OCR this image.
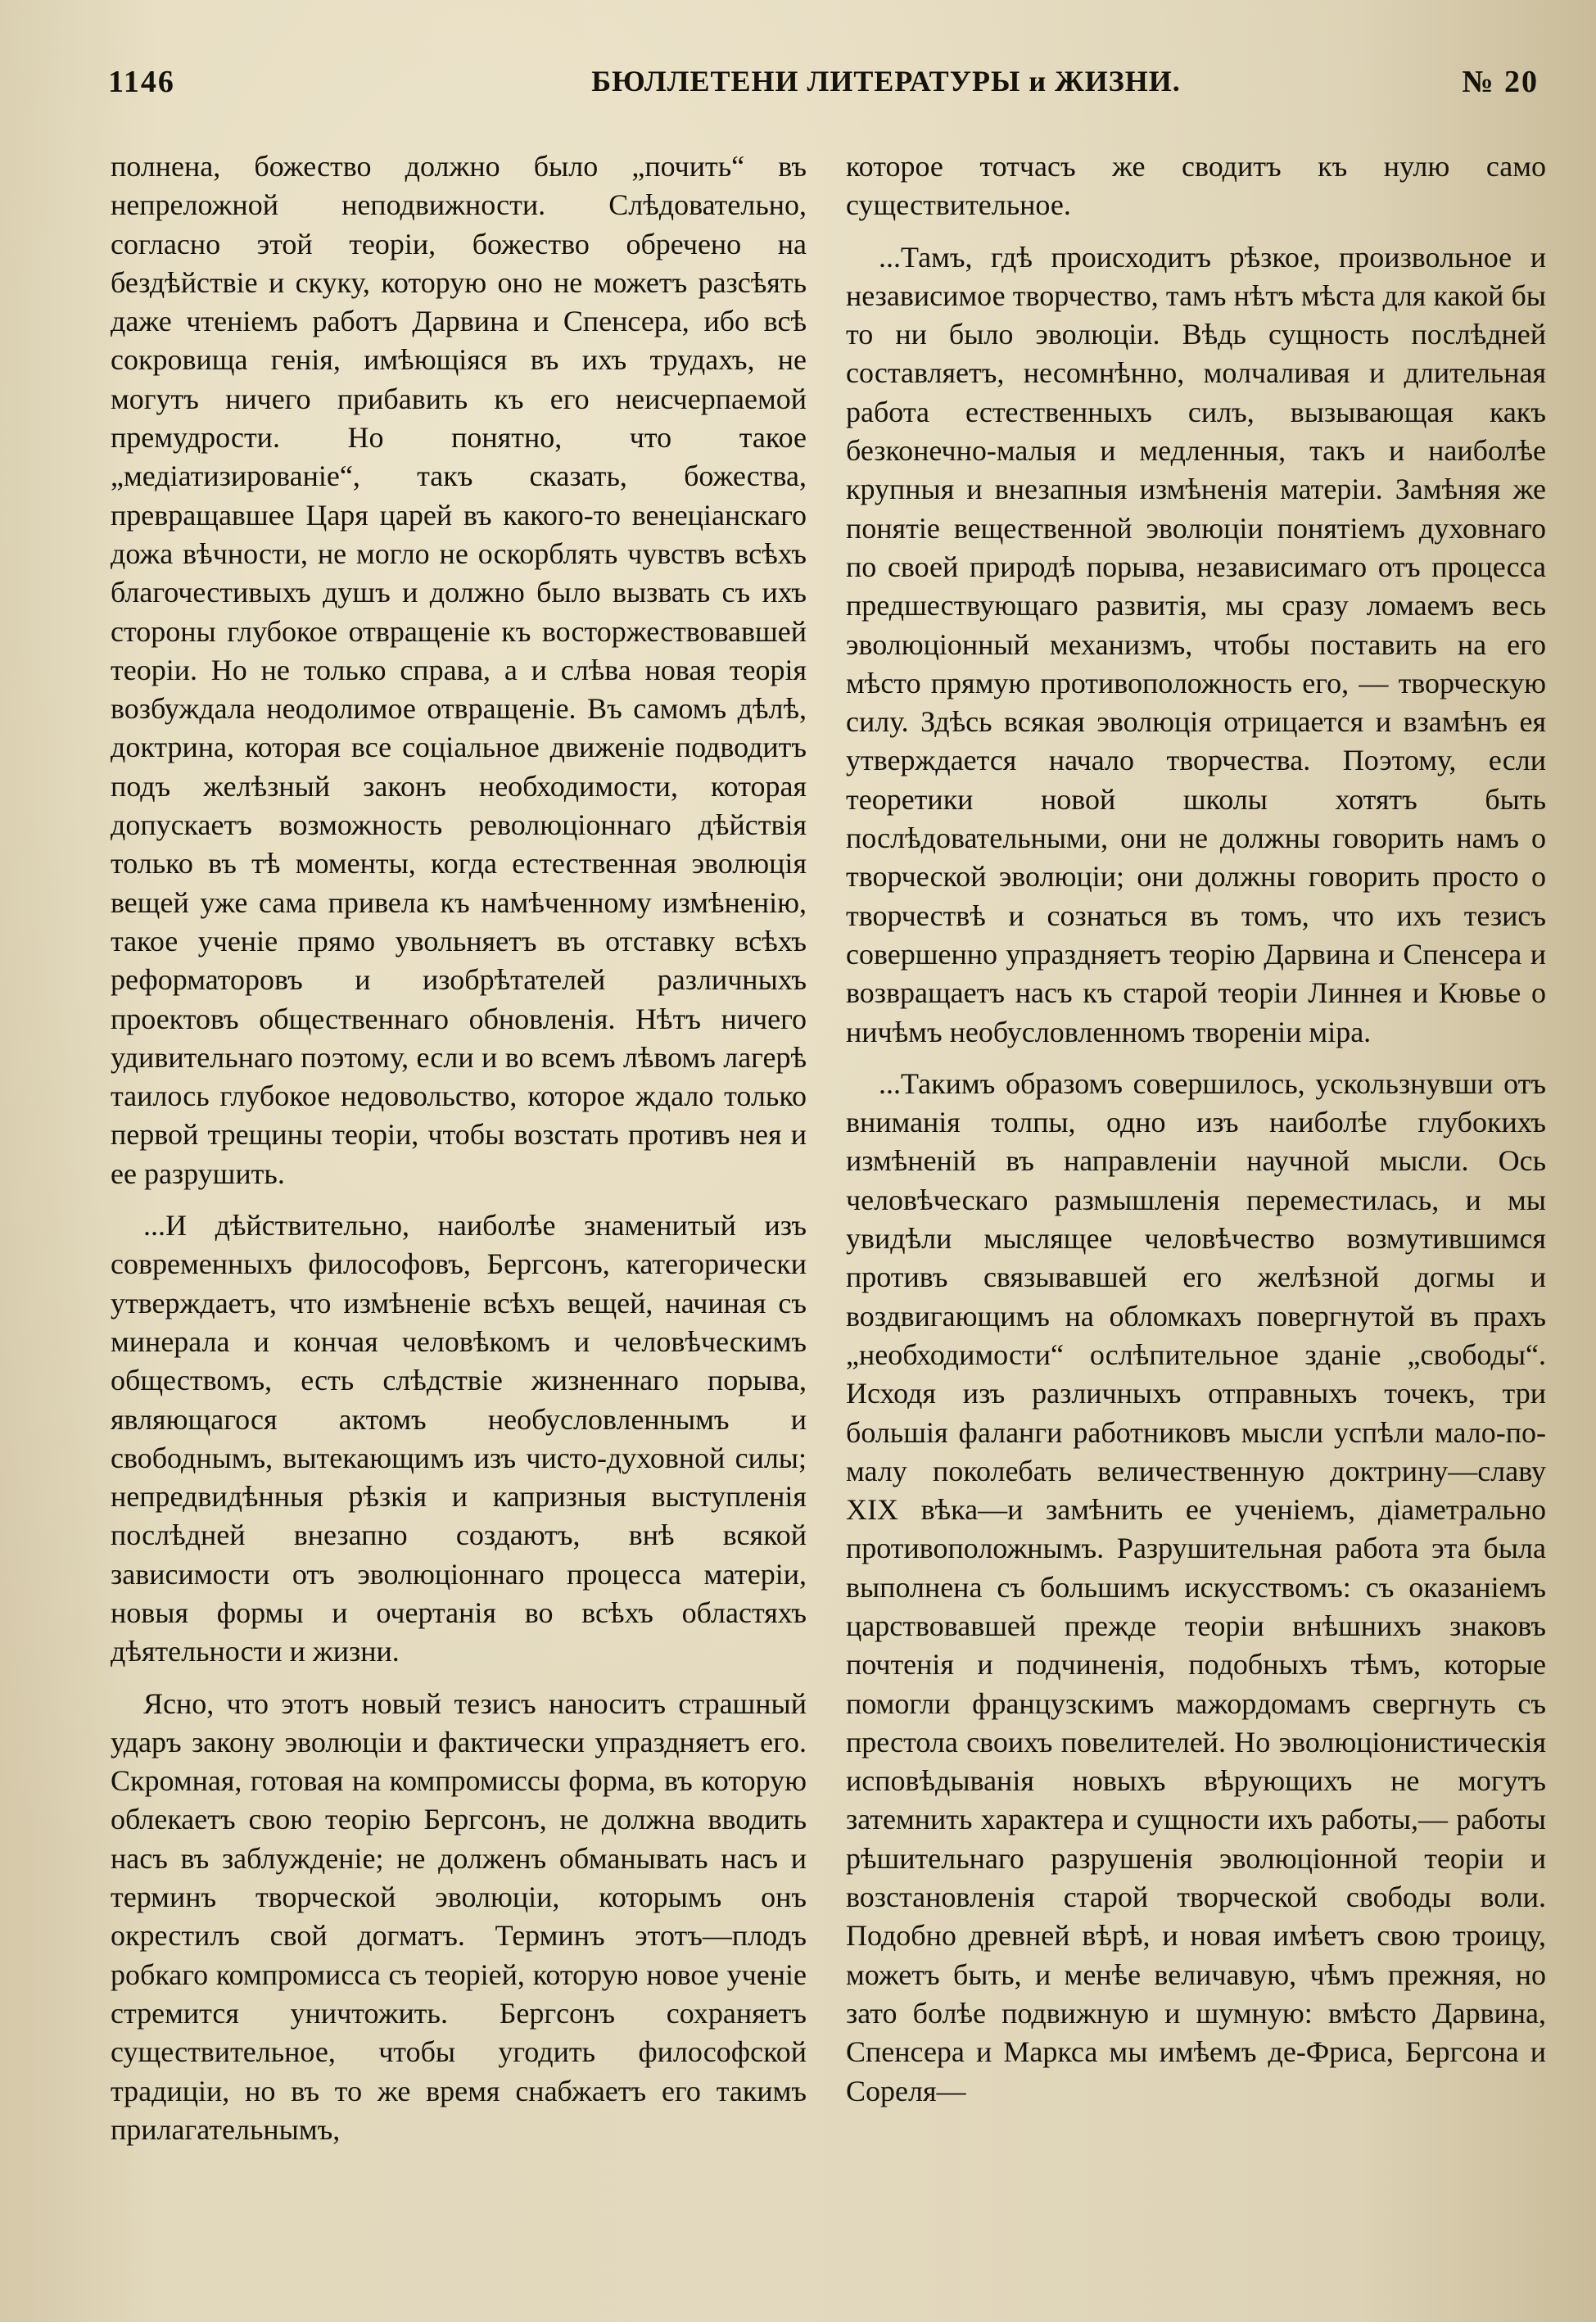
1146	БЮЛЛЕТЕНИ ЛИТЕРАТУРЫ и ЖИЗНИ.	№ 20

полнена, божество должно было „почить“ въ непреложной неподвижности. Слѣдовательно, согласно этой теоріи, божество обречено на бездѣйствіе и скуку, которую оно не можетъ разсѣять даже чтеніемъ работъ Дарвина и Спенсера, ибо всѣ сокровища генія, имѣющіяся въ ихъ трудахъ, не могутъ ничего прибавить къ его неисчерпаемой премудрости. Но понятно, что такое „медіатизированіе“, такъ сказать, божества, превращавшее Царя царей въ какого-то венеціанскаго дожа вѣчности, не могло не оскорблять чувствъ всѣхъ благочестивыхъ душъ и должно было вызвать съ ихъ стороны глубокое отвращеніе къ восторжествовавшей теоріи. Но не только справа, а и слѣва новая теорія возбуждала неодолимое отвращеніе. Въ самомъ дѣлѣ, доктрина, которая все соціальное движеніе подводитъ подъ желѣзный законъ необходимости, которая допускаетъ возможность революціоннаго дѣйствія только въ тѣ моменты, когда естественная эволюція вещей уже сама привела къ намѣченному измѣненію, такое ученіе прямо увольняетъ въ отставку всѣхъ реформаторовъ и изобрѣтателей различныхъ проектовъ общественнаго обновленія. Нѣтъ ничего удивительнаго поэтому, если и во всемъ лѣвомъ лагерѣ таилось глубокое недовольство, которое ждало только первой трещины теоріи, чтобы возстать противъ нея и ее разрушить.

...И дѣйствительно, наиболѣе знаменитый изъ современныхъ философовъ, Бергсонъ, категорически утверждаетъ, что измѣненіе всѣхъ вещей, начиная съ минерала и кончая человѣкомъ и человѣческимъ обществомъ, есть слѣдствіе жизненнаго порыва, являющагося актомъ необусловленнымъ и свободнымъ, вытекающимъ изъ чисто-духовной силы; непредвидѣнныя рѣзкія и капризныя выступленія послѣдней внезапно создаютъ, внѣ всякой зависимости отъ эволюціоннаго процесса матеріи, новыя формы и очертанія во всѣхъ областяхъ дѣятельности и жизни.

Ясно, что этотъ новый тезисъ наноситъ страшный ударъ закону эволюціи и фактически упраздняетъ его. Скромная, готовая на компромиссы форма, въ которую облекаетъ свою теорію Бергсонъ, не должна вводить насъ въ заблужденіе; не долженъ обманывать насъ и терминъ творческой эволюціи, которымъ онъ окрестилъ свой догматъ. Терминъ этотъ—плодъ робкаго компромисса съ теоріей, которую новое ученіе стремится уничтожить. Бергсонъ сохраняетъ существительное, чтобы угодить философской традиціи, но въ то же время снабжаетъ его такимъ прилагательнымъ,

которое тотчасъ же сводитъ къ нулю само существительное.

...Тамъ, гдѣ происходитъ рѣзкое, произвольное и независимое творчество, тамъ нѣтъ мѣста для какой бы то ни было эволюціи. Вѣдь сущность послѣдней составляетъ, несомнѣнно, молчаливая и длительная работа естественныхъ силъ, вызывающая какъ безконечно-малыя и медленныя, такъ и наиболѣе крупныя и внезапныя измѣненія матеріи. Замѣняя же понятіе вещественной эволюціи понятіемъ духовнаго по своей природѣ порыва, независимаго отъ процесса предшествующаго развитія, мы сразу ломаемъ весь эволюціонный механизмъ, чтобы поставить на его мѣсто прямую противоположность его, — творческую силу. Здѣсь всякая эволюція отрицается и взамѣнъ ея утверждается начало творчества. Поэтому, если теоретики новой школы хотятъ быть послѣдовательными, они не должны говорить намъ о творческой эволюціи; они должны говорить просто о творчествѣ и сознаться въ томъ, что ихъ тезисъ совершенно упраздняетъ теорію Дарвина и Спенсера и возвращаетъ насъ къ старой теоріи Линнея и Кювье о ничѣмъ необусловленномъ твореніи міра.

...Такимъ образомъ совершилось, ускользнувши отъ вниманія толпы, одно изъ наиболѣе глубокихъ измѣненій въ направленіи научной мысли. Ось человѣческаго размышленія переместилась, и мы увидѣли мыслящее человѣчество возмутившимся противъ связывавшей его желѣзной догмы и воздвигающимъ на обломкахъ повергнутой въ прахъ „необходимости“ ослѣпительное зданіе „свободы“. Исходя изъ различныхъ отправныхъ точекъ, три большія фаланги работниковъ мысли успѣли мало-по-малу поколебать величественную доктрину—славу XIX вѣка—и замѣнить ее ученіемъ, діаметрально противоположнымъ. Разрушительная работа эта была выполнена съ большимъ искусствомъ: съ оказаніемъ царствовавшей прежде теоріи внѣшнихъ знаковъ почтенія и подчиненія, подобныхъ тѣмъ, которые помогли французскимъ мажордомамъ свергнуть съ престола своихъ повелителей. Но эволюціонистическія исповѣдыванія новыхъ вѣрующихъ не могутъ затемнить характера и сущности ихъ работы,— работы рѣшительнаго разрушенія эволюціонной теоріи и возстановленія старой творческой свободы воли. Подобно древней вѣрѣ, и новая имѣетъ свою троицу, можетъ быть, и менѣе величавую, чѣмъ прежняя, но зато болѣе подвижную и шумную: вмѣсто Дарвина, Спенсера и Маркса мы имѣемъ де-Фриса, Бергсона и Сореля—
